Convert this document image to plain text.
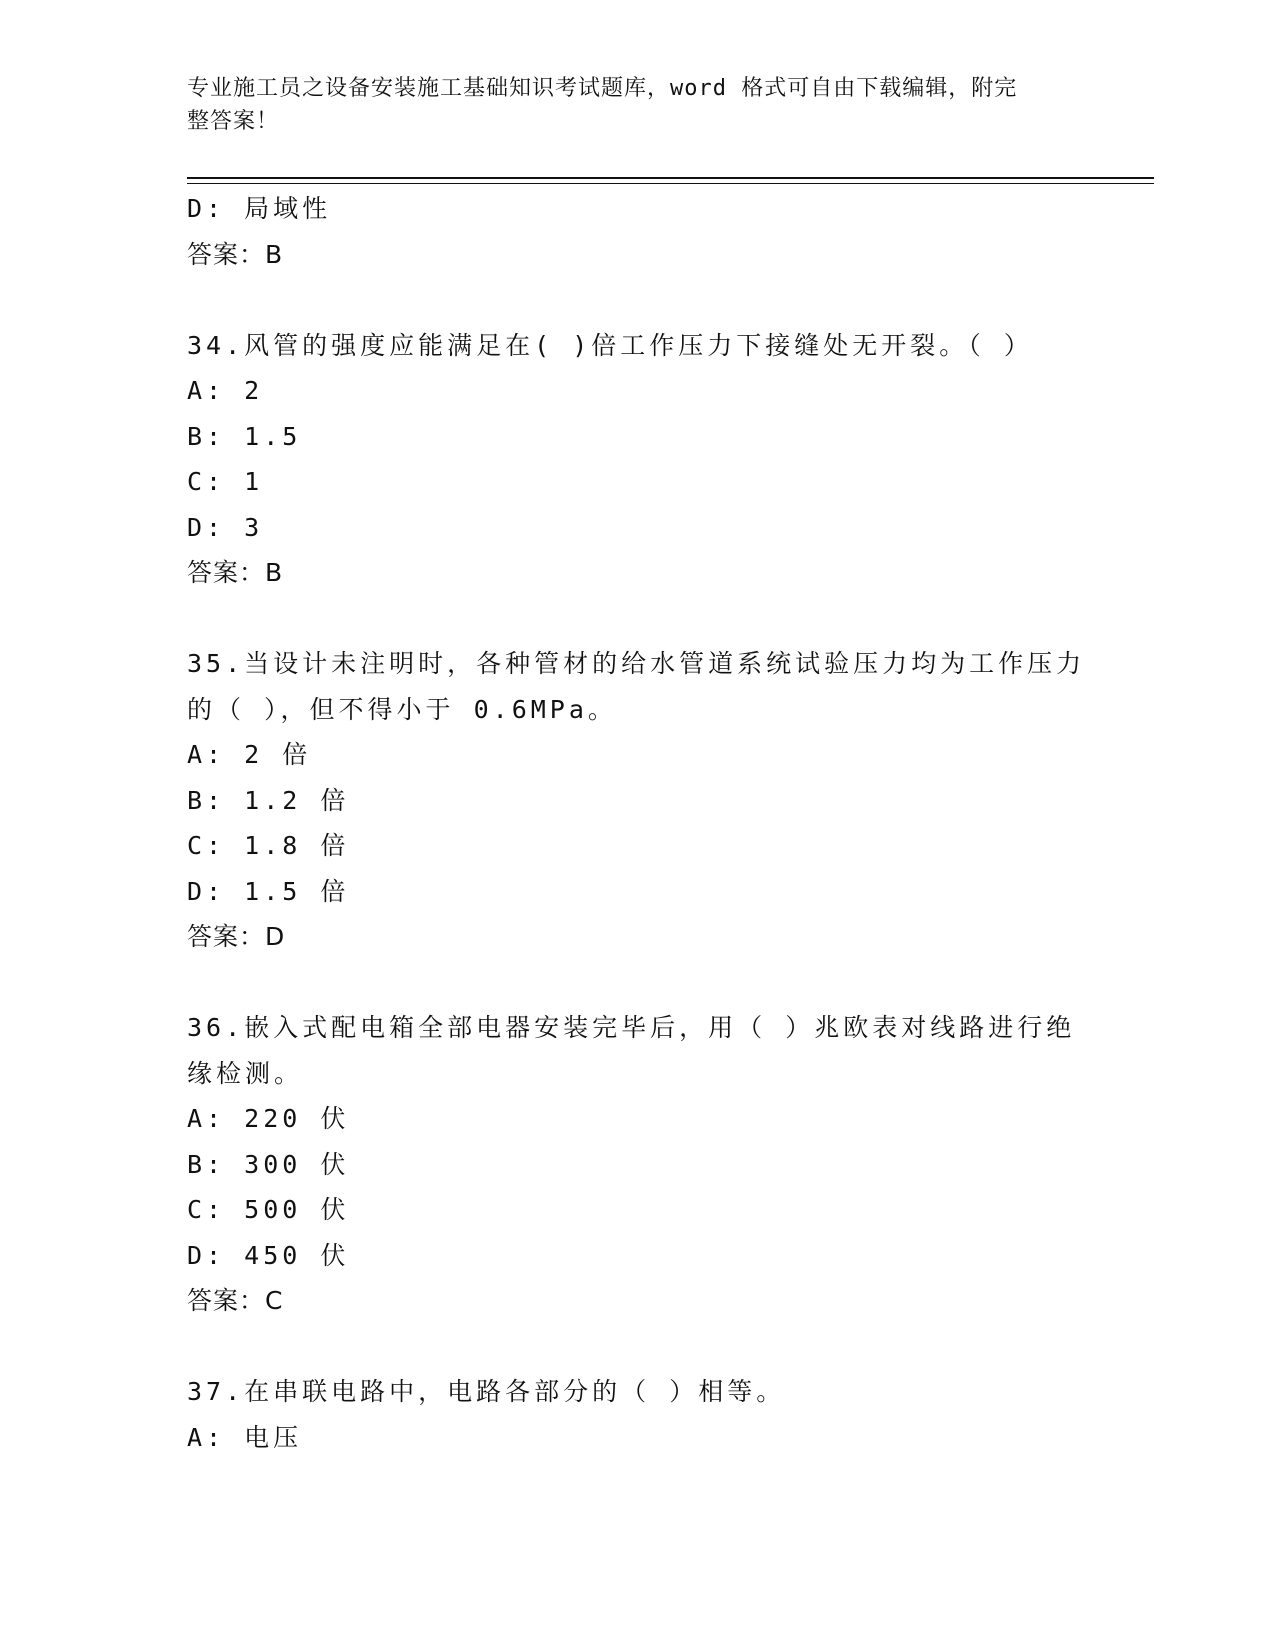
专业施工员之设备安装施工基础知识考试题库，word 格式可自由下载编辑，附完
整答案！
D: 局域性
答案：B
34.风管的强度应能满足在( )倍工作压力下接缝处无开裂。（ ）
A: 2
B: 1.5
C: 1
D: 3
答案：B
35.当设计未注明时，各种管材的给水管道系统试验压力均为工作压力
的（ ），但不得小于 0.6MPa。
A: 2 倍
B: 1.2 倍
C: 1.8 倍
D: 1.5 倍
答案：D
36.嵌入式配电箱全部电器安装完毕后，用（ ）兆欧表对线路进行绝
缘检测。
A: 220 伏
B: 300 伏
C: 500 伏
D: 450 伏
答案：C
37.在串联电路中，电路各部分的（ ）相等。
A: 电压
